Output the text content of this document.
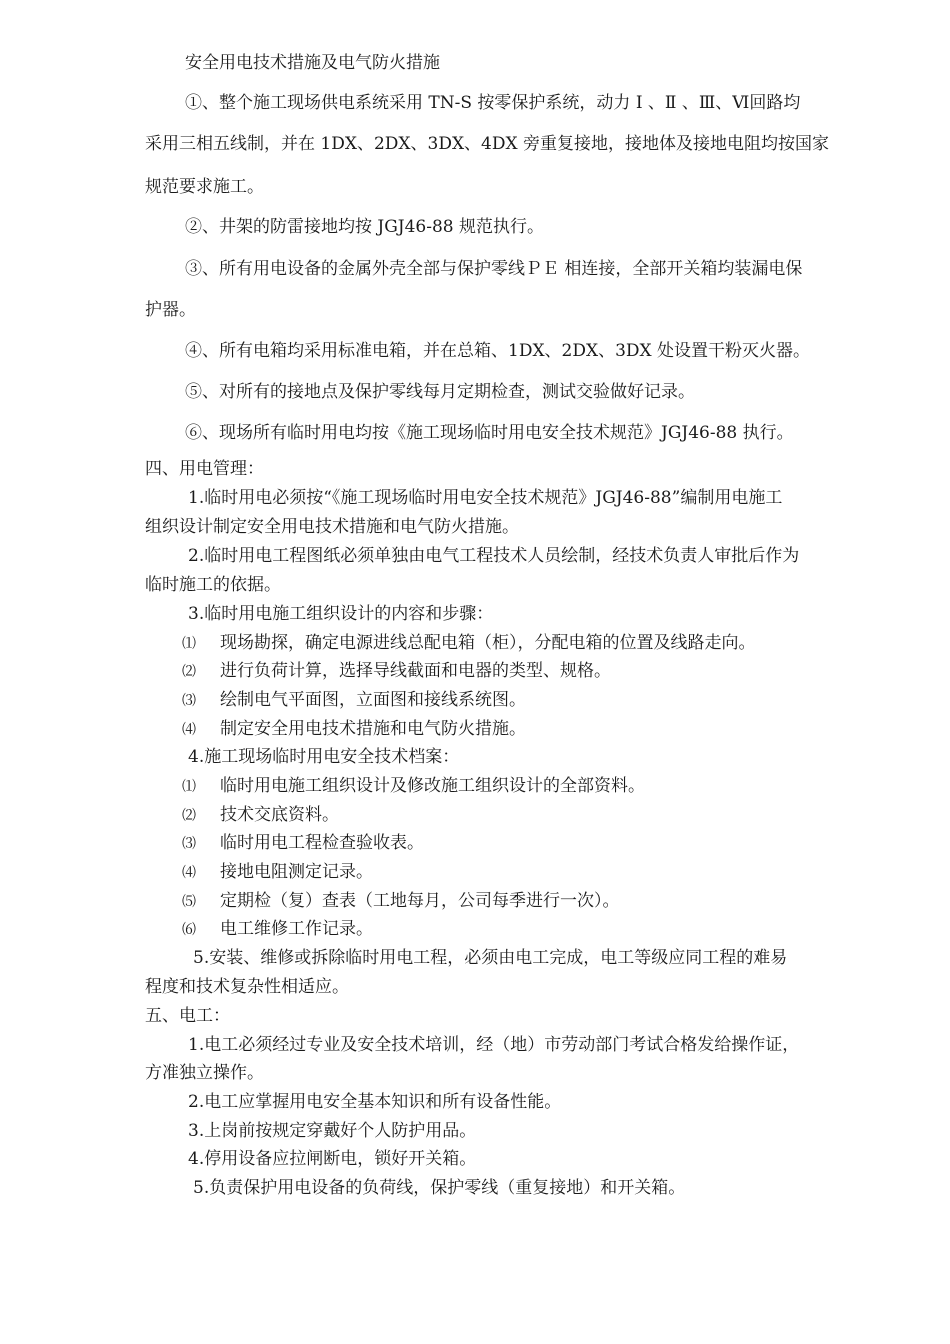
安全用电技术措施及电气防火措施
①、整个施工现场供电系统采用 TN-S 按零保护系统，动力 Ⅰ 、Ⅱ 、Ⅲ、Ⅵ回路均
采用三相五线制，并在 1DX、2DX、3DX、4DX 旁重复接地，接地体及接地电阻均按国家
规范要求施工。
②、井架的防雷接地均按 JGJ46-88 规范执行。
③、所有用电设备的金属外壳全部与保护零线ＰＥ 相连接，全部开关箱均装漏电保
护器。
④、所有电箱均采用标准电箱，并在总箱、1DX、2DX、3DX 处设置干粉灭火器。
⑤、对所有的接地点及保护零线每月定期检查，测试交验做好记录。
⑥、现场所有临时用电均按《施工现场临时用电安全技术规范》JGJ46-88 执行。
四、用电管理：
1.临时用电必须按“《施工现场临时用电安全技术规范》JGJ46-88”编制用电施工
组织设计制定安全用电技术措施和电气防火措施。
2.临时用电工程图纸必须单独由电气工程技术人员绘制，经技术负责人审批后作为
临时施工的依据。
3.临时用电施工组织设计的内容和步骤：
⑴ 现场勘探，确定电源进线总配电箱（柜），分配电箱的位置及线路走向。
⑵ 进行负荷计算，选择导线截面和电器的类型、规格。
⑶ 绘制电气平面图，立面图和接线系统图。
⑷ 制定安全用电技术措施和电气防火措施。
4.施工现场临时用电安全技术档案：
⑴ 临时用电施工组织设计及修改施工组织设计的全部资料。
⑵ 技术交底资料。
⑶ 临时用电工程检查验收表。
⑷ 接地电阻测定记录。
⑸ 定期检（复）查表（工地每月，公司每季进行一次）。
⑹ 电工维修工作记录。
5.安装、维修或拆除临时用电工程，必须由电工完成，电工等级应同工程的难易
程度和技术复杂性相适应。
五、电工：
1.电工必须经过专业及安全技术培训，经（地）市劳动部门考试合格发给操作证，
方准独立操作。
2.电工应掌握用电安全基本知识和所有设备性能。
3.上岗前按规定穿戴好个人防护用品。
4.停用设备应拉闸断电，锁好开关箱。
5.负责保护用电设备的负荷线，保护零线（重复接地）和开关箱。
